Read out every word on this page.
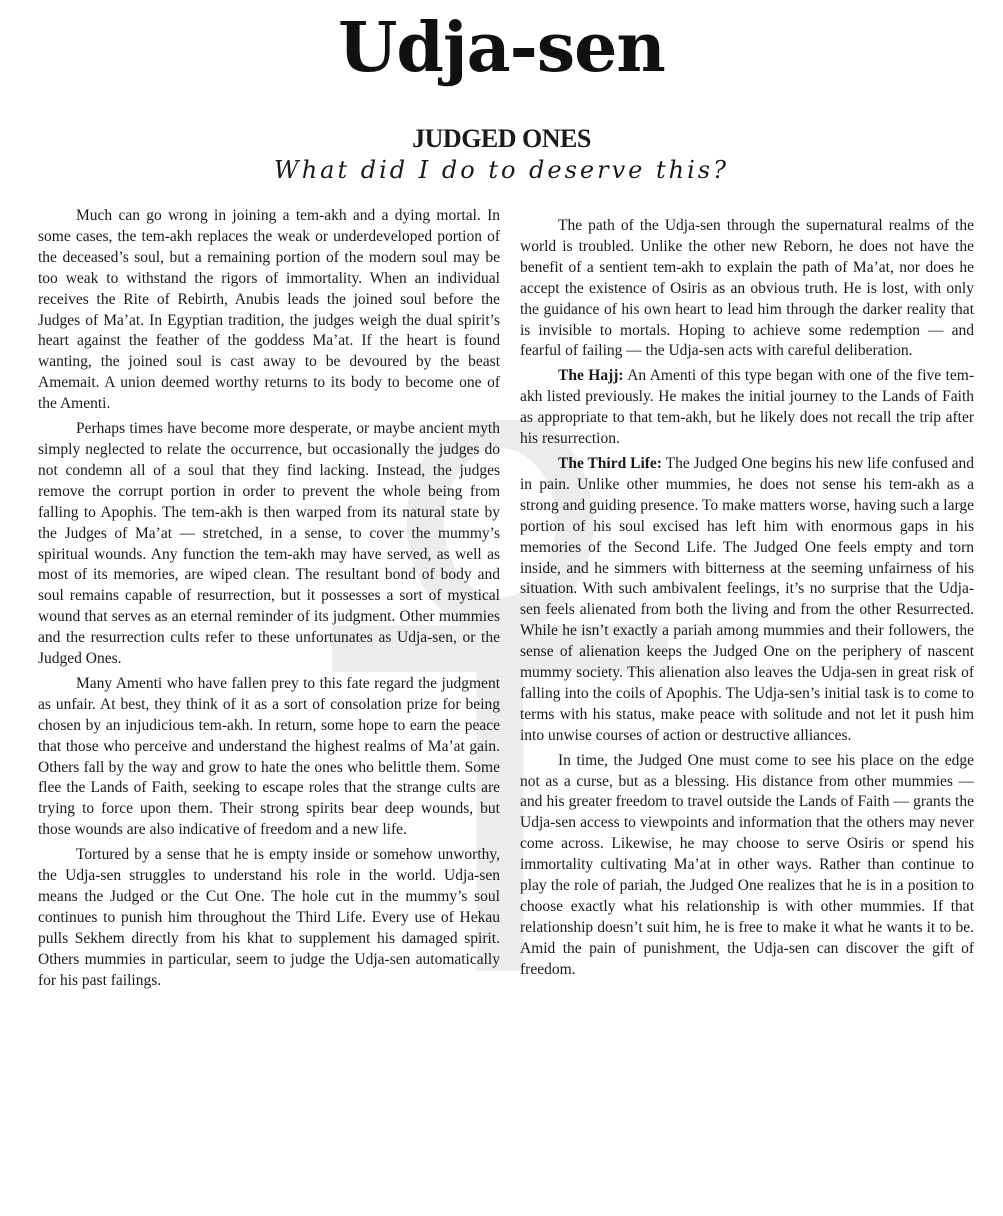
Udja-sen
JUDGED ONES
What did I do to deserve this?

Much can go wrong in joining a tem-akh and a dying mortal. In some cases, the tem-akh replaces the weak or underdeveloped portion of the deceased’s soul, but a remaining portion of the modern soul may be too weak to withstand the rigors of immortality. When an individual receives the Rite of Rebirth, Anubis leads the joined soul before the Judges of Ma’at. In Egyptian tradition, the judges weigh the dual spirit’s heart against the feather of the goddess Ma’at. If the heart is found wanting, the joined soul is cast away to be devoured by the beast Amemait. A union deemed worthy returns to its body to become one of the Amenti.

Perhaps times have become more desperate, or maybe ancient myth simply neglected to relate the occurrence, but occasionally the judges do not condemn all of a soul that they find lacking. Instead, the judges remove the corrupt portion in order to prevent the whole being from falling to Apophis. The tem-akh is then warped from its natural state by the Judges of Ma’at — stretched, in a sense, to cover the mummy’s spiritual wounds. Any function the tem-akh may have served, as well as most of its memories, are wiped clean. The resultant bond of body and soul remains capable of resurrection, but it possesses a sort of mystical wound that serves as an eternal reminder of its judgment. Other mummies and the resurrection cults refer to these unfortunates as Udja-sen, or the Judged Ones.

Many Amenti who have fallen prey to this fate regard the judgment as unfair. At best, they think of it as a sort of consolation prize for being chosen by an injudicious tem-akh. In return, some hope to earn the peace that those who perceive and understand the highest realms of Ma’at gain. Others fall by the way and grow to hate the ones who belittle them. Some flee the Lands of Faith, seeking to escape roles that the strange cults are trying to force upon them. Their strong spirits bear deep wounds, but those wounds are also indicative of freedom and a new life.

Tortured by a sense that he is empty inside or somehow unworthy, the Udja-sen struggles to understand his role in the world. Udja-sen means the Judged or the Cut One. The hole cut in the mummy’s soul continues to punish him throughout the Third Life. Every use of Hekau pulls Sekhem directly from his khat to supplement his damaged spirit. Others mummies in particular, seem to judge the Udja-sen automatically for his past failings.

The path of the Udja-sen through the supernatural realms of the world is troubled. Unlike the other new Reborn, he does not have the benefit of a sentient tem-akh to explain the path of Ma’at, nor does he accept the existence of Osiris as an obvious truth. He is lost, with only the guidance of his own heart to lead him through the darker reality that is invisible to mortals. Hoping to achieve some redemption — and fearful of failing — the Udja-sen acts with careful deliberation.

The Hajj: An Amenti of this type began with one of the five tem-akh listed previously. He makes the initial journey to the Lands of Faith as appropriate to that tem-akh, but he likely does not recall the trip after his resurrection.

The Third Life: The Judged One begins his new life confused and in pain. Unlike other mummies, he does not sense his tem-akh as a strong and guiding presence. To make matters worse, having such a large portion of his soul excised has left him with enormous gaps in his memories of the Second Life. The Judged One feels empty and torn inside, and he simmers with bitterness at the seeming unfairness of his situation. With such ambivalent feelings, it’s no surprise that the Udja-sen feels alienated from both the living and from the other Resurrected. While he isn’t exactly a pariah among mummies and their followers, the sense of alienation keeps the Judged One on the periphery of nascent mummy society. This alienation also leaves the Udja-sen in great risk of falling into the coils of Apophis. The Udja-sen’s initial task is to come to terms with his status, make peace with solitude and not let it push him into unwise courses of action or destructive alliances.

In time, the Judged One must come to see his place on the edge not as a curse, but as a blessing. His distance from other mummies — and his greater freedom to travel outside the Lands of Faith — grants the Udja-sen access to viewpoints and information that the others may never come across. Likewise, he may choose to serve Osiris or spend his immortality cultivating Ma’at in other ways. Rather than continue to play the role of pariah, the Judged One realizes that he is in a position to choose exactly what his relationship is with other mummies. If that relationship doesn’t suit him, he is free to make it what he wants it to be. Amid the pain of punishment, the Udja-sen can discover the gift of freedom.
